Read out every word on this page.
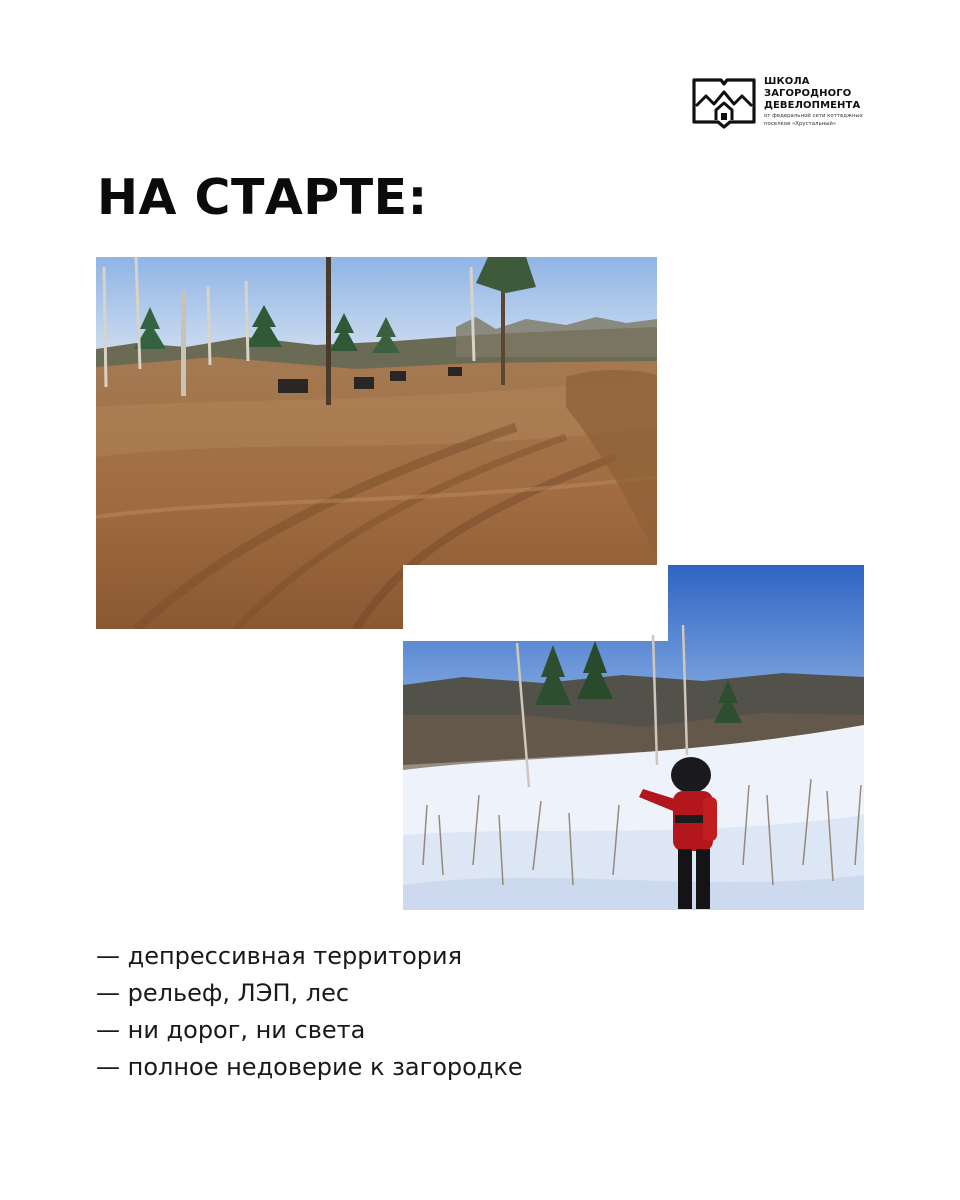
ШКОЛА
ЗАГОРОДНОГО
ДЕВЕЛОПМЕНТА
от федеральной сети коттеджных
поселков «Хрустальный»
НА СТАРТЕ:
— депрессивная территория
— рельеф, ЛЭП, лес
— ни дорог, ни света
— полное недоверие к загородке
